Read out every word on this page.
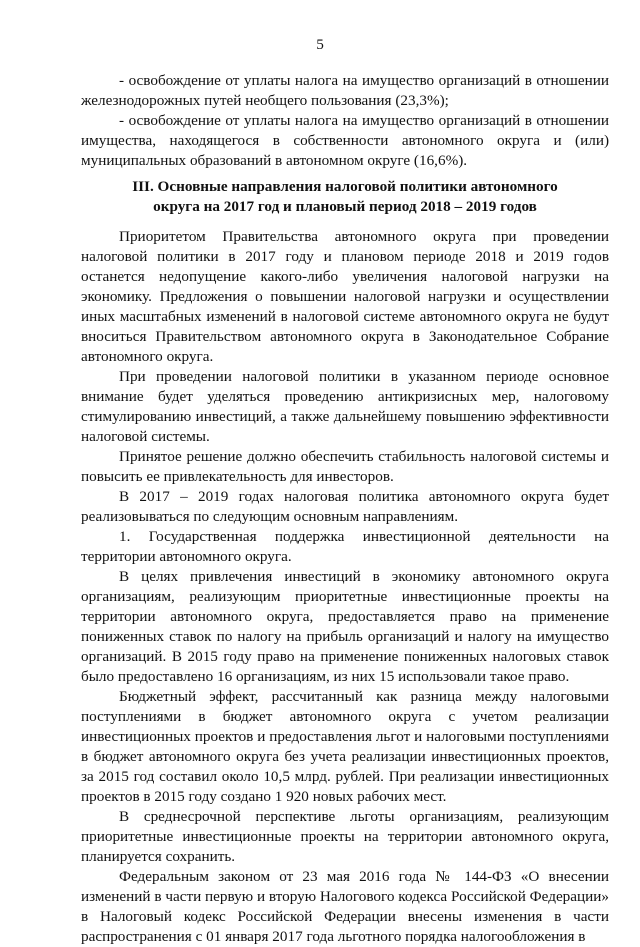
5

- освобождение от уплаты налога на имущество организаций в отношении железнодорожных путей необщего пользования (23,3%);

- освобождение от уплаты налога на имущество организаций в отношении имущества, находящегося в собственности автономного округа и (или) муниципальных образований в автономном округе (16,6%).

III. Основные направления налоговой политики автономного
округа на 2017 год и плановый период 2018 – 2019 годов

Приоритетом Правительства автономного округа при проведении налоговой политики в 2017 году и плановом периоде 2018 и 2019 годов останется недопущение какого-либо увеличения налоговой нагрузки на экономику. Предложения о повышении налоговой нагрузки и осуществлении иных масштабных изменений в налоговой системе автономного округа не будут вноситься Правительством автономного округа в Законодательное Собрание автономного округа.

При проведении налоговой политики в указанном периоде основное внимание будет уделяться проведению антикризисных мер, налоговому стимулированию инвестиций, а также дальнейшему повышению эффективности налоговой системы.

Принятое решение должно обеспечить стабильность налоговой системы и повысить ее привлекательность для инвесторов.

В 2017 – 2019 годах налоговая политика автономного округа будет реализовываться по следующим основным направлениям.

1. Государственная поддержка инвестиционной деятельности на территории автономного округа.

В целях привлечения инвестиций в экономику автономного округа организациям, реализующим приоритетные инвестиционные проекты на территории автономного округа, предоставляется право на применение пониженных ставок по налогу на прибыль организаций и налогу на имущество организаций. В 2015 году право на применение пониженных налоговых ставок было предоставлено 16 организациям, из них 15 использовали такое право.

Бюджетный эффект, рассчитанный как разница между налоговыми поступлениями в бюджет автономного округа с учетом реализации инвестиционных проектов и предоставления льгот и налоговыми поступлениями в бюджет автономного округа без учета реализации инвестиционных проектов, за 2015 год составил около 10,5 млрд. рублей. При реализации инвестиционных проектов в 2015 году создано 1 920 новых рабочих мест.

В среднесрочной перспективе льготы организациям, реализующим приоритетные инвестиционные проекты на территории автономного округа, планируется сохранить.

Федеральным законом от 23 мая 2016 года № 144-ФЗ «О внесении изменений в части первую и вторую Налогового кодекса Российской Федерации» в Налоговый кодекс Российской Федерации внесены изменения в части распространения с 01 января 2017 года льготного порядка налогообложения в
